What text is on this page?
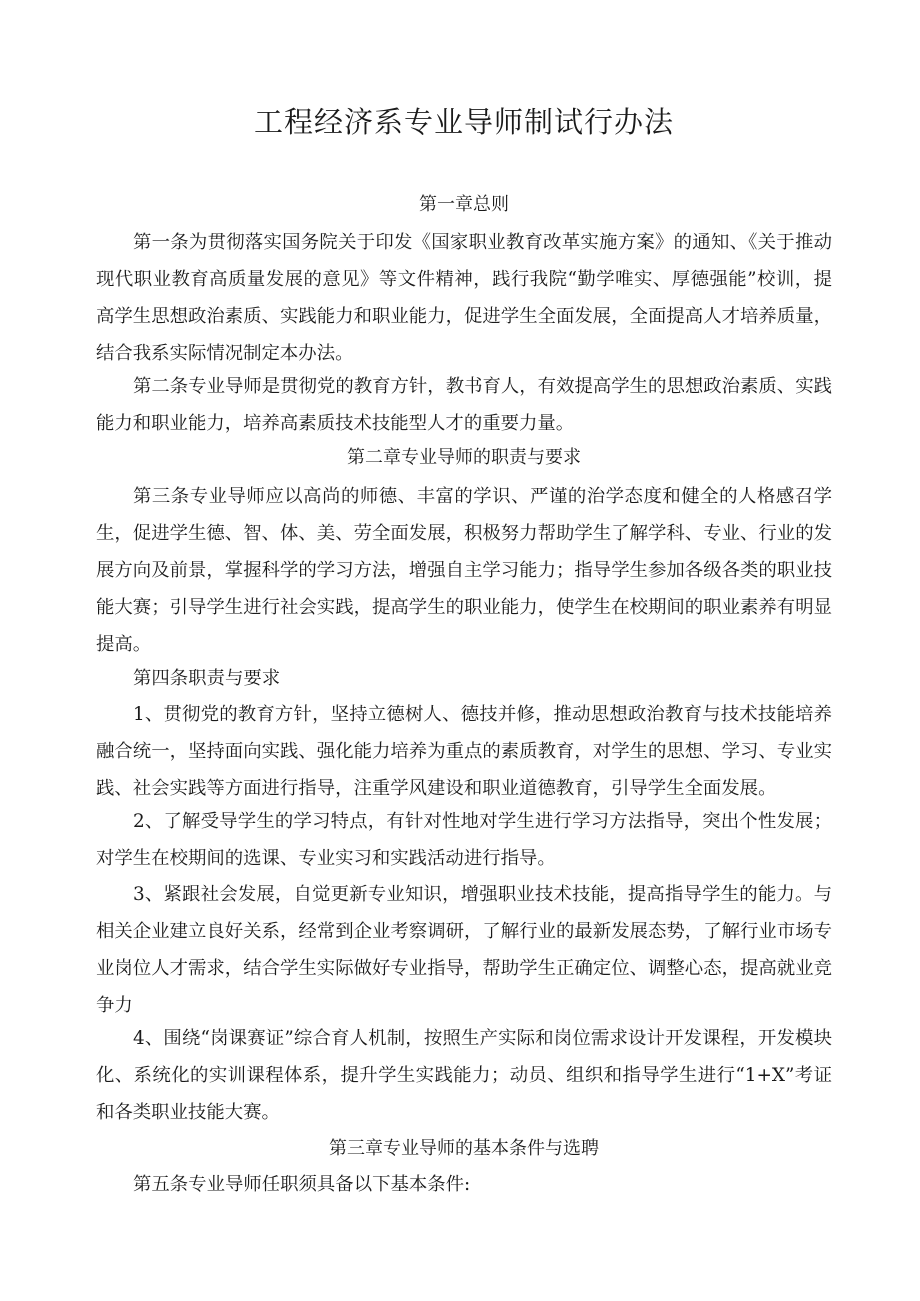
工程经济系专业导师制试行办法

第一章总则

第一条为贯彻落实国务院关于印发《国家职业教育改革实施方案》的通知、《关于推动现代职业教育高质量发展的意见》等文件精神，践行我院“勤学唯实、厚德强能”校训，提高学生思想政治素质、实践能力和职业能力，促进学生全面发展，全面提高人才培养质量，结合我系实际情况制定本办法。

第二条专业导师是贯彻党的教育方针，教书育人，有效提高学生的思想政治素质、实践能力和职业能力，培养高素质技术技能型人才的重要力量。

第二章专业导师的职责与要求

第三条专业导师应以高尚的师德、丰富的学识、严谨的治学态度和健全的人格感召学生，促进学生德、智、体、美、劳全面发展，积极努力帮助学生了解学科、专业、行业的发展方向及前景，掌握科学的学习方法，增强自主学习能力；指导学生参加各级各类的职业技能大赛；引导学生进行社会实践，提高学生的职业能力，使学生在校期间的职业素养有明显提高。

第四条职责与要求

1、贯彻党的教育方针，坚持立德树人、德技并修，推动思想政治教育与技术技能培养融合统一，坚持面向实践、强化能力培养为重点的素质教育，对学生的思想、学习、专业实践、社会实践等方面进行指导，注重学风建设和职业道德教育，引导学生全面发展。

2、了解受导学生的学习特点，有针对性地对学生进行学习方法指导，突出个性发展；对学生在校期间的选课、专业实习和实践活动进行指导。

3、紧跟社会发展，自觉更新专业知识，增强职业技术技能，提高指导学生的能力。与相关企业建立良好关系，经常到企业考察调研，了解行业的最新发展态势，了解行业市场专业岗位人才需求，结合学生实际做好专业指导，帮助学生正确定位、调整心态，提高就业竞争力

4、围绕“岗课赛证”综合育人机制，按照生产实际和岗位需求设计开发课程，开发模块化、系统化的实训课程体系，提升学生实践能力；动员、组织和指导学生进行“1+X”考证和各类职业技能大赛。

第三章专业导师的基本条件与选聘

第五条专业导师任职须具备以下基本条件:
